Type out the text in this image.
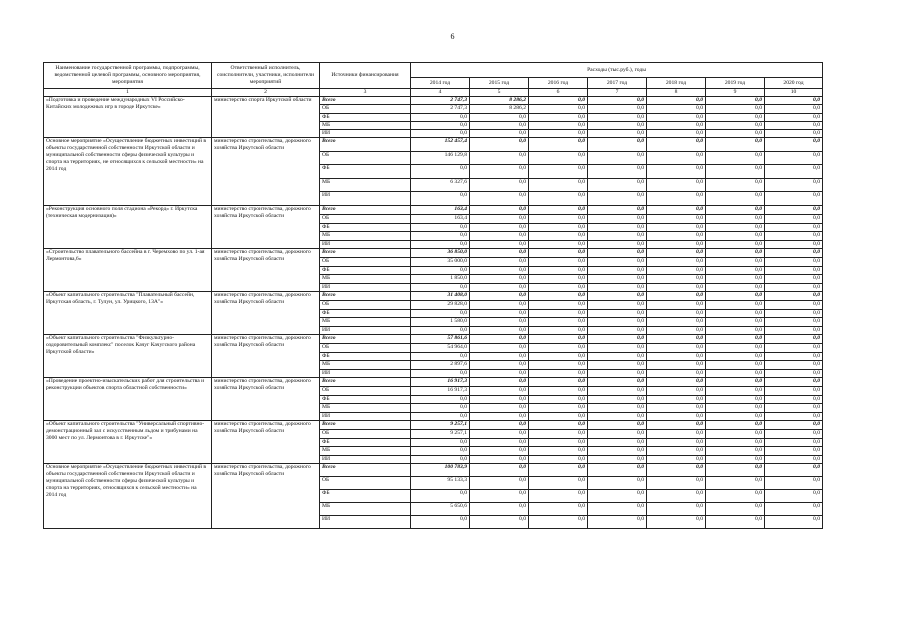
6
Наименование государственной программы, подпрограммы, ведомственной целевой программы, основного мероприятия, мероприятия	Ответственный исполнитель, соисполнители, участники, исполнители мероприятий	Источники финансирования	Расходы (тыс.руб.), годы						
			2014 год	2015 год	2016 год	2017 год	2018 год	2019 год	2020 год
1	2	3	4	5	6	7	8	9	10
«Подготовка и проведение международных VI Российско-Китайских молодежных игр в городе Иркутске»	министерство спорта Иркутской области	Всего	2 747,3	8 286,2	0,0	0,0	0,0	0,0	0,0
		ОБ	2 747,3	8 286,2	0,0	0,0	0,0	0,0	0,0
		ФБ	0,0	0,0	0,0	0,0	0,0	0,0	0,0
		МБ	0,0	0,0	0,0	0,0	0,0	0,0	0,0
		ИИ	0,0	0,0	0,0	0,0	0,0	0,0	0,0
Основное мероприятие «Осуществление бюджетных инвестиций в объекты государственной собственности Иркутской области и муниципальной собственности сферы физической культуры и спорта на территориях, не относящихся к сельской местности» на 2014 год	министерство строительства, дорожного хозяйства Иркутской области	Всего	152 457,4	0,0	0,0	0,0	0,0	0,0	0,0
		ОБ	146 129,8	0,0	0,0	0,0	0,0	0,0	0,0
		ФБ	0,0	0,0	0,0	0,0	0,0	0,0	0,0
		МБ	6 327,6	0,0	0,0	0,0	0,0	0,0	0,0
		ИИ	0,0	0,0	0,0	0,0	0,0	0,0	0,0
«Реконструкция основного поля стадиона «Рекорд» г. Иркутска (техническая модернизация)»	министерство строительства, дорожного хозяйства Иркутской области	Всего	163,4	0,0	0,0	0,0	0,0	0,0	0,0
		ОБ	163,4	0,0	0,0	0,0	0,0	0,0	0,0
		ФБ	0,0	0,0	0,0	0,0	0,0	0,0	0,0
		МБ	0,0	0,0	0,0	0,0	0,0	0,0	0,0
		ИИ	0,0	0,0	0,0	0,0	0,0	0,0	0,0
«Строительство плавательного бассейна в г. Черемхово по ул. 1-ая Лермонтова,6»	министерство строительства, дорожного хозяйства Иркутской области	Всего	36 850,0	0,0	0,0	0,0	0,0	0,0	0,0
		ОБ	35 000,0	0,0	0,0	0,0	0,0	0,0	0,0
		ФБ	0,0	0,0	0,0	0,0	0,0	0,0	0,0
		МБ	1 850,0	0,0	0,0	0,0	0,0	0,0	0,0
		ИИ	0,0	0,0	0,0	0,0	0,0	0,0	0,0
«Объект капитального строительства "Плавательный бассейн, Иркутская область, г. Тулун, ул. Урицкого, 13А"»	министерство строительства, дорожного хозяйства Иркутской области	Всего	31 408,0	0,0	0,0	0,0	0,0	0,0	0,0
		ОБ	29 828,0	0,0	0,0	0,0	0,0	0,0	0,0
		ФБ	0,0	0,0	0,0	0,0	0,0	0,0	0,0
		МБ	1 580,0	0,0	0,0	0,0	0,0	0,0	0,0
		ИИ	0,0	0,0	0,0	0,0	0,0	0,0	0,0
«Объект капитального строительства "Физкультурно-оздоровительный комплекс" поселок Качуг Качугского района Иркутской области»	министерство строительства, дорожного хозяйства Иркутской области	Всего	57 861,6	0,0	0,0	0,0	0,0	0,0	0,0
		ОБ	54 964,0	0,0	0,0	0,0	0,0	0,0	0,0
		ФБ	0,0	0,0	0,0	0,0	0,0	0,0	0,0
		МБ	2 897,6	0,0	0,0	0,0	0,0	0,0	0,0
		ИИ	0,0	0,0	0,0	0,0	0,0	0,0	0,0
«Проведение проектно-изыскательских работ для строительства и реконструкции объектов спорта областной собственности»	министерство строительства, дорожного хозяйства Иркутской области	Всего	16 917,3	0,0	0,0	0,0	0,0	0,0	0,0
		ОБ	16 917,3	0,0	0,0	0,0	0,0	0,0	0,0
		ФБ	0,0	0,0	0,0	0,0	0,0	0,0	0,0
		МБ	0,0	0,0	0,0	0,0	0,0	0,0	0,0
		ИИ	0,0	0,0	0,0	0,0	0,0	0,0	0,0
«Объект капитального строительства "Универсальный спортивно-демонстрационный зал с искусственным льдом и трибунами на 3000 мест по ул. Лермонтова в г. Иркутске"»	министерство строительства, дорожного хозяйства Иркутской области	Всего	9 257,1	0,0	0,0	0,0	0,0	0,0	0,0
		ОБ	9 257,1	0,0	0,0	0,0	0,0	0,0	0,0
		ФБ	0,0	0,0	0,0	0,0	0,0	0,0	0,0
		МБ	0,0	0,0	0,0	0,0	0,0	0,0	0,0
		ИИ	0,0	0,0	0,0	0,0	0,0	0,0	0,0
Основное мероприятие «Осуществление бюджетных инвестиций в объекты государственной собственности Иркутской области и муниципальной собственности сферы физической культуры и спорта на территориях, относящихся к сельской местности» на 2014 год	министерство строительства, дорожного хозяйства Иркутской области	Всего	100 783,9	0,0	0,0	0,0	0,0	0,0	0,0
		ОБ	95 133,3	0,0	0,0	0,0	0,0	0,0	0,0
		ФБ	0,0	0,0	0,0	0,0	0,0	0,0	0,0
		МБ	5 650,6	0,0	0,0	0,0	0,0	0,0	0,0
		ИИ	0,0	0,0	0,0	0,0	0,0	0,0	0,0
